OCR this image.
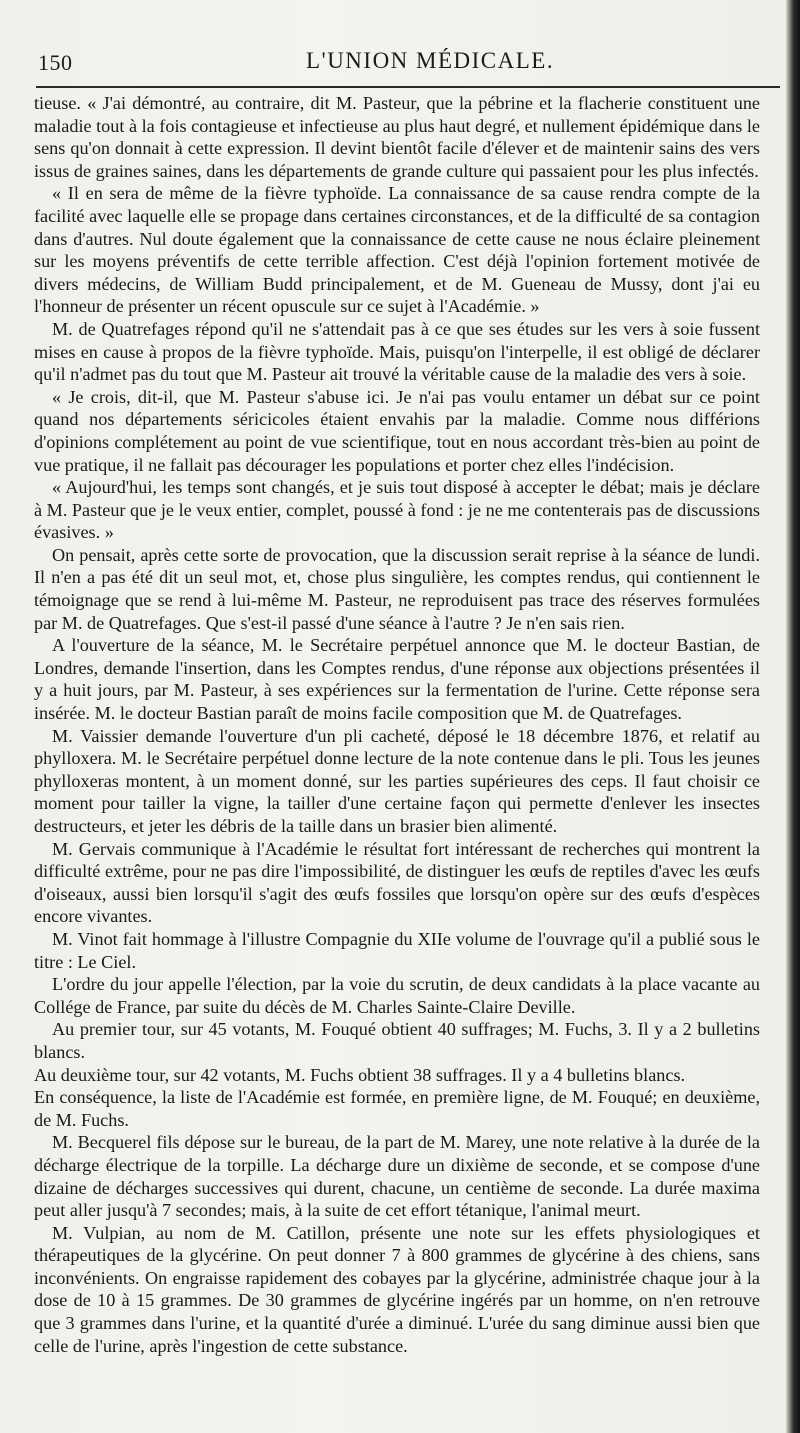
150	L'UNION MÉDICALE.

tieuse. « J'ai démontré, au contraire, dit M. Pasteur, que la pébrine et la flacherie constituent une maladie tout à la fois contagieuse et infectieuse au plus haut degré, et nullement épidémique dans le sens qu'on donnait à cette expression. Il devint bientôt facile d'élever et de maintenir sains des vers issus de graines saines, dans les départements de grande culture qui passaient pour les plus infectés.

« Il en sera de même de la fièvre typhoïde. La connaissance de sa cause rendra compte de la facilité avec laquelle elle se propage dans certaines circonstances, et de la difficulté de sa contagion dans d'autres. Nul doute également que la connaissance de cette cause ne nous éclaire pleinement sur les moyens préventifs de cette terrible affection. C'est déjà l'opinion fortement motivée de divers médecins, de William Budd principalement, et de M. Gueneau de Mussy, dont j'ai eu l'honneur de présenter un récent opuscule sur ce sujet à l'Académie. »

M. de Quatrefages répond qu'il ne s'attendait pas à ce que ses études sur les vers à soie fussent mises en cause à propos de la fièvre typhoïde. Mais, puisqu'on l'interpelle, il est obligé de déclarer qu'il n'admet pas du tout que M. Pasteur ait trouvé la véritable cause de la maladie des vers à soie.

« Je crois, dit-il, que M. Pasteur s'abuse ici. Je n'ai pas voulu entamer un débat sur ce point quand nos départements séricicoles étaient envahis par la maladie. Comme nous différions d'opinions complétement au point de vue scientifique, tout en nous accordant très-bien au point de vue pratique, il ne fallait pas décourager les populations et porter chez elles l'indécision.

« Aujourd'hui, les temps sont changés, et je suis tout disposé à accepter le débat; mais je déclare à M. Pasteur que je le veux entier, complet, poussé à fond : je ne me contenterais pas de discussions évasives. »

On pensait, après cette sorte de provocation, que la discussion serait reprise à la séance de lundi. Il n'en a pas été dit un seul mot, et, chose plus singulière, les comptes rendus, qui contiennent le témoignage que se rend à lui-même M. Pasteur, ne reproduisent pas trace des réserves formulées par M. de Quatrefages. Que s'est-il passé d'une séance à l'autre ? Je n'en sais rien.

A l'ouverture de la séance, M. le Secrétaire perpétuel annonce que M. le docteur Bastian, de Londres, demande l'insertion, dans les Comptes rendus, d'une réponse aux objections présentées il y a huit jours, par M. Pasteur, à ses expériences sur la fermentation de l'urine. Cette réponse sera insérée. M. le docteur Bastian paraît de moins facile composition que M. de Quatrefages.

M. Vaissier demande l'ouverture d'un pli cacheté, déposé le 18 décembre 1876, et relatif au phylloxera. M. le Secrétaire perpétuel donne lecture de la note contenue dans le pli. Tous les jeunes phylloxeras montent, à un moment donné, sur les parties supérieures des ceps. Il faut choisir ce moment pour tailler la vigne, la tailler d'une certaine façon qui permette d'enlever les insectes destructeurs, et jeter les débris de la taille dans un brasier bien alimenté.

M. Gervais communique à l'Académie le résultat fort intéressant de recherches qui montrent la difficulté extrême, pour ne pas dire l'impossibilité, de distinguer les œufs de reptiles d'avec les œufs d'oiseaux, aussi bien lorsqu'il s'agit des œufs fossiles que lorsqu'on opère sur des œufs d'espèces encore vivantes.

M. Vinot fait hommage à l'illustre Compagnie du XIIe volume de l'ouvrage qu'il a publié sous le titre : Le Ciel.

L'ordre du jour appelle l'élection, par la voie du scrutin, de deux candidats à la place vacante au Collége de France, par suite du décès de M. Charles Sainte-Claire Deville.

Au premier tour, sur 45 votants, M. Fouqué obtient 40 suffrages; M. Fuchs, 3. Il y a 2 bulletins blancs.

Au deuxième tour, sur 42 votants, M. Fuchs obtient 38 suffrages. Il y a 4 bulletins blancs.

En conséquence, la liste de l'Académie est formée, en première ligne, de M. Fouqué; en deuxième, de M. Fuchs.

M. Becquerel fils dépose sur le bureau, de la part de M. Marey, une note relative à la durée de la décharge électrique de la torpille. La décharge dure un dixième de seconde, et se compose d'une dizaine de décharges successives qui durent, chacune, un centième de seconde. La durée maxima peut aller jusqu'à 7 secondes; mais, à la suite de cet effort tétanique, l'animal meurt.

M. Vulpian, au nom de M. Catillon, présente une note sur les effets physiologiques et thérapeutiques de la glycérine. On peut donner 7 à 800 grammes de glycérine à des chiens, sans inconvénients. On engraisse rapidement des cobayes par la glycérine, administrée chaque jour à la dose de 10 à 15 grammes. De 30 grammes de glycérine ingérés par un homme, on n'en retrouve que 3 grammes dans l'urine, et la quantité d'urée a diminué. L'urée du sang diminue aussi bien que celle de l'urine, après l'ingestion de cette substance.
